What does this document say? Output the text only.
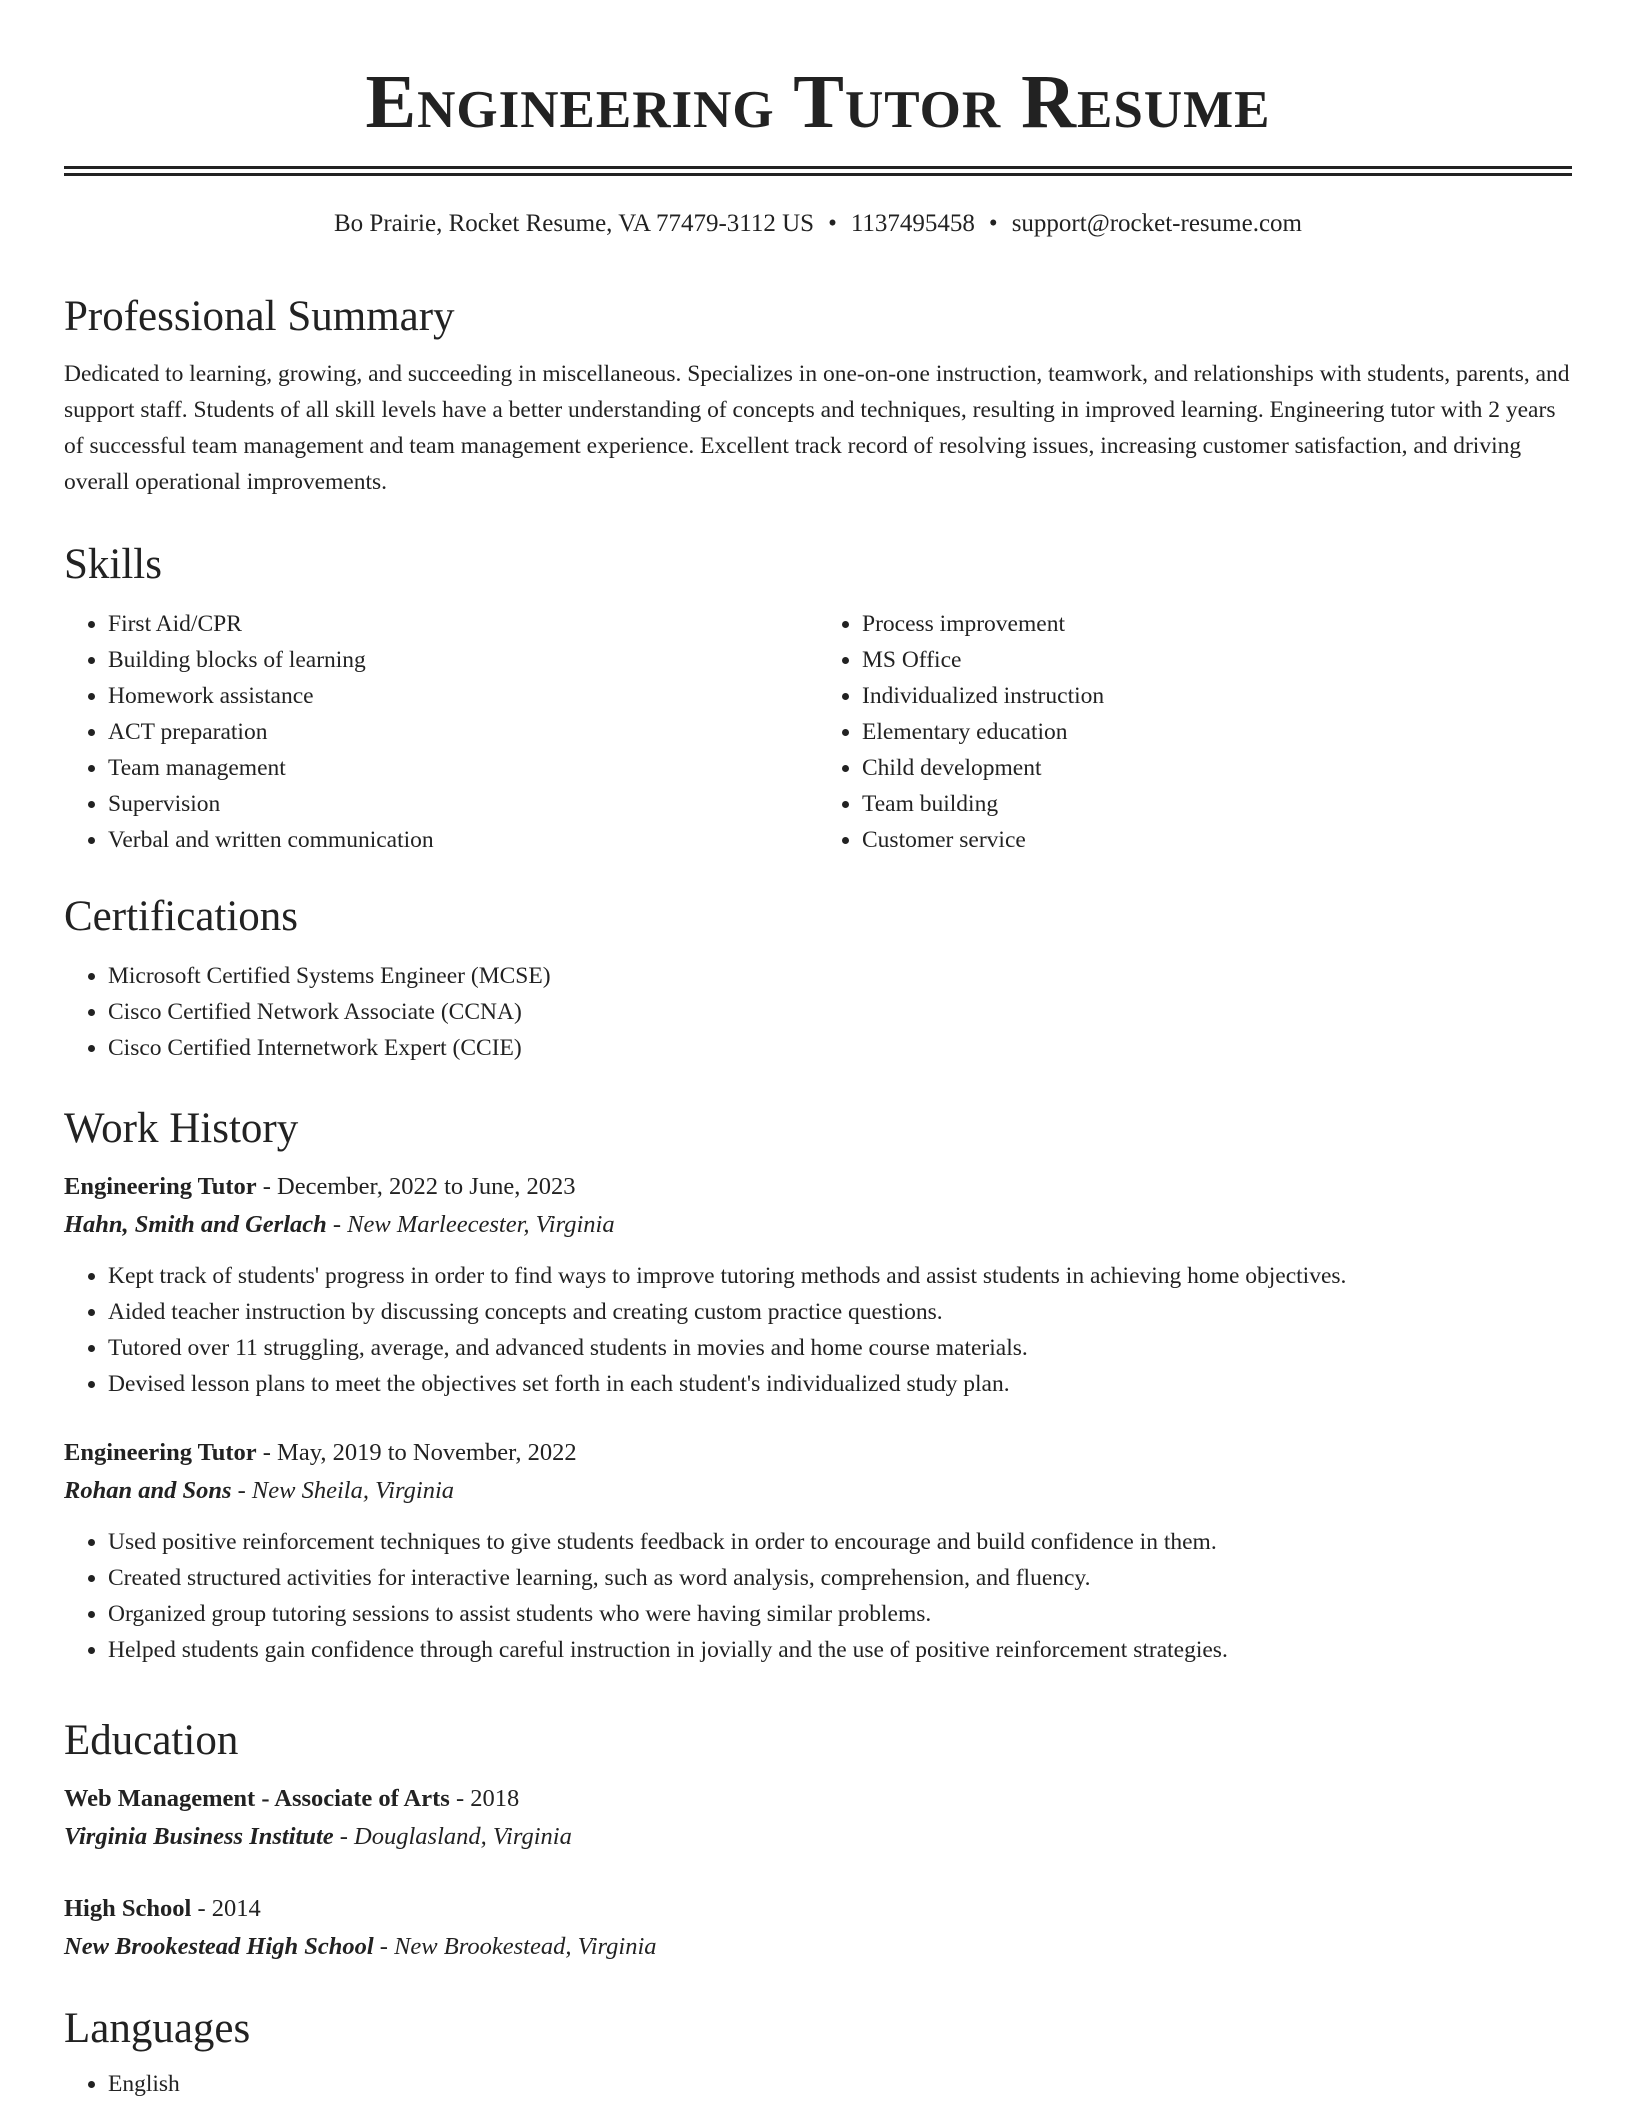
Engineering Tutor Resume
Bo Prairie, Rocket Resume, VA 77479-3112 US • 1137495458 • support@rocket-resume.com
Professional Summary

Dedicated to learning, growing, and succeeding in miscellaneous. Specializes in one-on-one instruction, teamwork, and relationships with students, parents, and support staff. Students of all skill levels have a better understanding of concepts and techniques, resulting in improved learning. Engineering tutor with 2 years of successful team management and team management experience. Excellent track record of resolving issues, increasing customer satisfaction, and driving overall operational improvements.

Skills
• First Aid/CPR
• Building blocks of learning
• Homework assistance
• ACT preparation
• Team management
• Supervision
• Verbal and written communication
• Process improvement
• MS Office
• Individualized instruction
• Elementary education
• Child development
• Team building
• Customer service
Certifications
• Microsoft Certified Systems Engineer (MCSE)
• Cisco Certified Network Associate (CCNA)
• Cisco Certified Internetwork Expert (CCIE)
Work History
Engineering Tutor - December, 2022 to June, 2023
Hahn, Smith and Gerlach - New Marleecester, Virginia
• Kept track of students' progress in order to find ways to improve tutoring methods and assist students in achieving home objectives.
• Aided teacher instruction by discussing concepts and creating custom practice questions.
• Tutored over 11 struggling, average, and advanced students in movies and home course materials.
• Devised lesson plans to meet the objectives set forth in each student's individualized study plan.
Engineering Tutor - May, 2019 to November, 2022
Rohan and Sons - New Sheila, Virginia
• Used positive reinforcement techniques to give students feedback in order to encourage and build confidence in them.
• Created structured activities for interactive learning, such as word analysis, comprehension, and fluency.
• Organized group tutoring sessions to assist students who were having similar problems.
• Helped students gain confidence through careful instruction in jovially and the use of positive reinforcement strategies.
Education
Web Management - Associate of Arts - 2018
Virginia Business Institute - Douglasland, Virginia
High School - 2014
New Brookestead High School - New Brookestead, Virginia
Languages
• English
